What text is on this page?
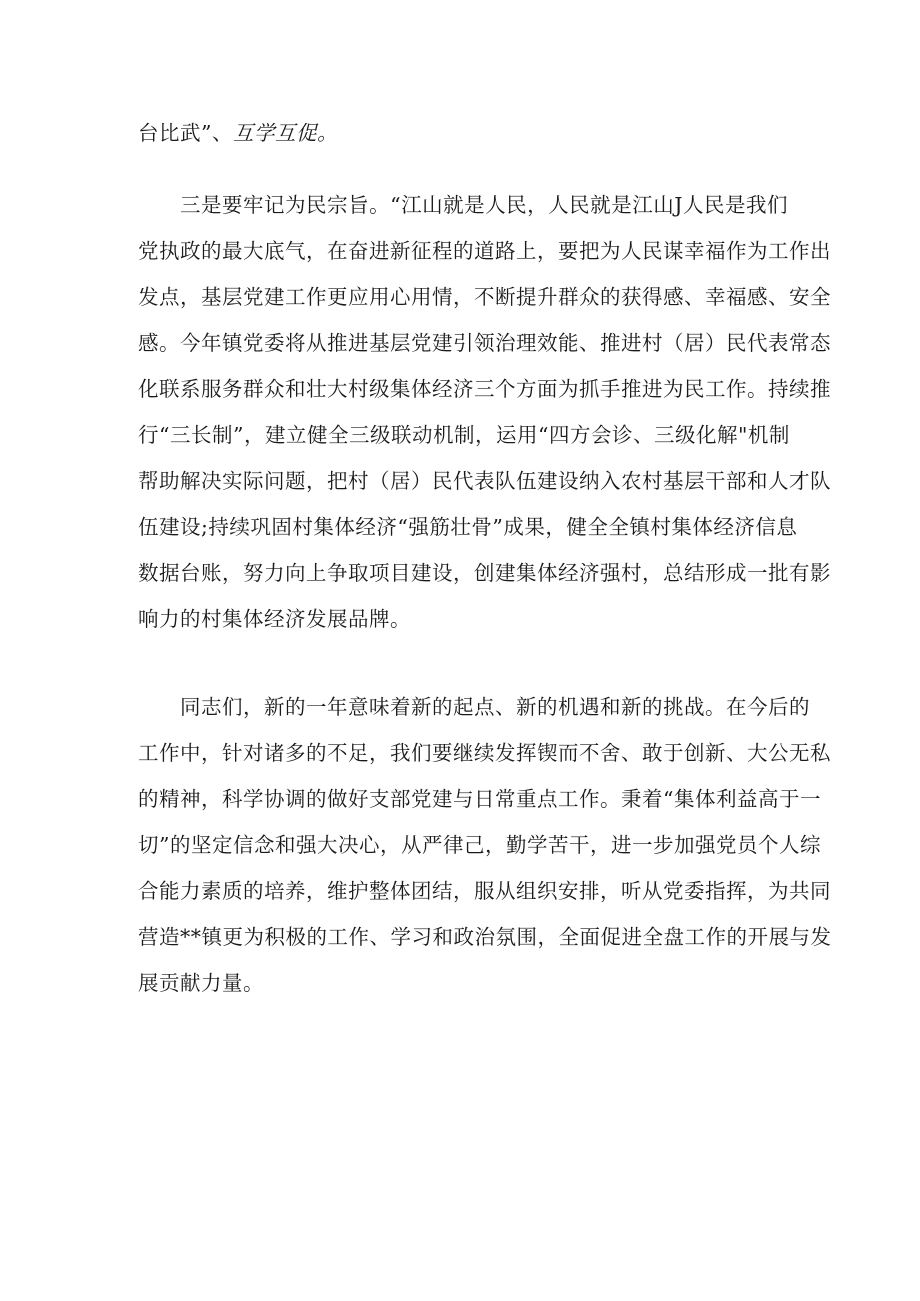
台比武”、互学互促。
三是要牢记为民宗旨。“江山就是人民，人民就是江山J人民是我们
党执政的最大底气，在奋进新征程的道路上，要把为人民谋幸福作为工作出
发点，基层党建工作更应用心用情，不断提升群众的获得感、幸福感、安全
感。今年镇党委将从推进基层党建引领治理效能、推进村（居）民代表常态
化联系服务群众和壮大村级集体经济三个方面为抓手推进为民工作。持续推
行“三长制”，建立健全三级联动机制，运用“四方会诊、三级化解"机制
帮助解决实际问题，把村（居）民代表队伍建设纳入农村基层干部和人才队
伍建设;持续巩固村集体经济“强筋壮骨”成果，健全全镇村集体经济信息
数据台账，努力向上争取项目建设，创建集体经济强村，总结形成一批有影
响力的村集体经济发展品牌。
同志们，新的一年意味着新的起点、新的机遇和新的挑战。在今后的
工作中，针对诸多的不足，我们要继续发挥锲而不舍、敢于创新、大公无私
的精神，科学协调的做好支部党建与日常重点工作。秉着“集体利益高于一
切”的坚定信念和强大决心，从严律己，勤学苦干，进一步加强党员个人综
合能力素质的培养，维护整体团结，服从组织安排，听从党委指挥，为共同
营造**镇更为积极的工作、学习和政治氛围，全面促进全盘工作的开展与发
展贡献力量。
